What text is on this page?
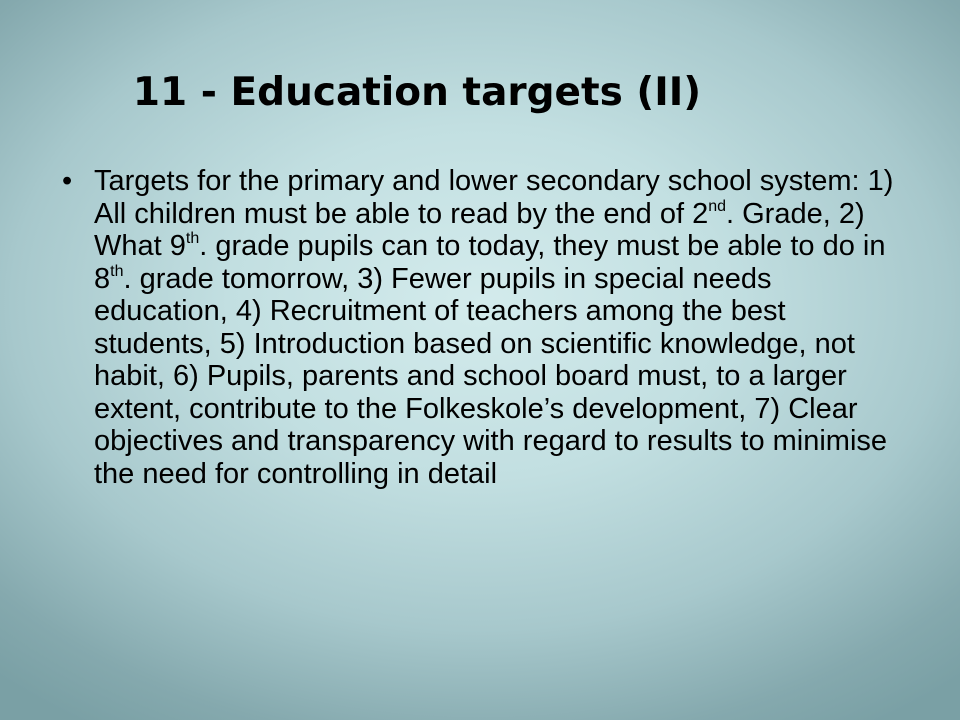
11 - Education targets (II)
• Targets for the primary and lower secondary school system: 1) All children must be able to read by the end of 2nd. Grade, 2) What 9th. grade pupils can to today, they must be able to do in 8th. grade tomorrow, 3) Fewer pupils in special needs education, 4) Recruitment of teachers among the best students, 5) Introduction based on scientific knowledge, not habit, 6) Pupils, parents and school board must, to a larger extent, contribute to the Folkeskole’s development, 7) Clear objectives and transparency with regard to results to minimise the need for controlling in detail
